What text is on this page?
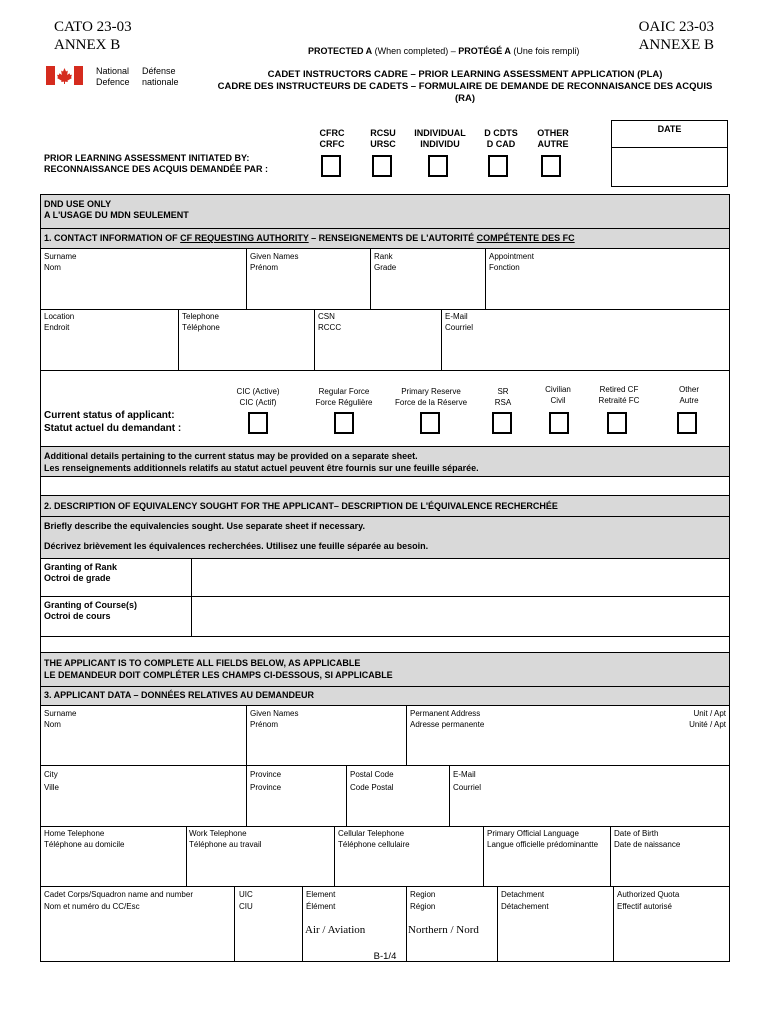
CATO 23-03
ANNEX B
OAIC 23-03
ANNEXE B
PROTECTED A (When completed) – PROTÉGÉ A (Une fois rempli)
National
Defence
Défense
nationale
CADET INSTRUCTORS CADRE – PRIOR LEARNING ASSESSMENT APPLICATION (PLA)
CADRE DES INSTRUCTEURS DE CADETS – FORMULAIRE DE DEMANDE DE RECONNAISANCE DES ACQUIS
(RA)
CFRC
CRFC
RCSU
URSC
INDIVIDUAL
INDIVIDU
D CDTS
D CAD
OTHER
AUTRE
PRIOR LEARNING ASSESSMENT INITIATED BY:
RECONNAISSANCE DES ACQUIS DEMANDÉE PAR :
DATE
DND USE ONLY
A L'USAGE DU MDN SEULEMENT
1. CONTACT INFORMATION OF CF REQUESTING AUTHORITY – RENSEIGNEMENTS DE L'AUTORITÉ COMPÉTENTE DES FC
Surname
Nom
Given Names
Prénom
Rank
Grade
Appointment
Fonction
Location
Endroit
Telephone
Téléphone
CSN
RCCC
E-Mail
Courriel
CIC (Active)
CIC (Actif)
Regular Force
Force Régulière
Primary Reserve
Force de la Réserve
SR
RSA
Civilian
Civil
Retired CF
Retraité FC
Other
Autre
Current status of applicant:
Statut actuel du demandant :
Additional details pertaining to the current status may be provided on a separate sheet.
Les renseignements additionnels relatifs au statut actuel peuvent être fournis sur une feuille séparée.
2. DESCRIPTION OF EQUIVALENCY SOUGHT FOR THE APPLICANT– DESCRIPTION DE L'ÉQUIVALENCE RECHERCHÉE
Briefly describe the equivalencies sought. Use separate sheet if necessary.
Décrivez brièvement les équivalences recherchées. Utilisez une feuille séparée au besoin.
Granting of Rank
Octroi de grade
Granting of Course(s)
Octroi de cours
THE APPLICANT IS TO COMPLETE ALL FIELDS BELOW, AS APPLICABLE
LE DEMANDEUR DOIT COMPLÉTER LES CHAMPS CI-DESSOUS, SI APPLICABLE
3. APPLICANT DATA – DONNÉES RELATIVES AU DEMANDEUR
Surname
Nom
Given Names
Prénom
Permanent Address
Adresse permanente
Unit / Apt
Unité / Apt
City
Ville
Province
Province
Postal Code
Code Postal
E-Mail
Courriel
Home Telephone
Téléphone au domicile
Work Telephone
Téléphone au travail
Cellular Telephone
Téléphone cellulaire
Primary Official Language
Langue officielle prédominantte
Date of Birth
Date de naissance
Cadet Corps/Squadron name and number
Nom et numéro du CC/Esc
UIC
CIU
Element
Élément
Region
Région
Detachment
Détachement
Authorized Quota
Effectif autorisé
Air / Aviation	Northern / Nord
B-1/4
